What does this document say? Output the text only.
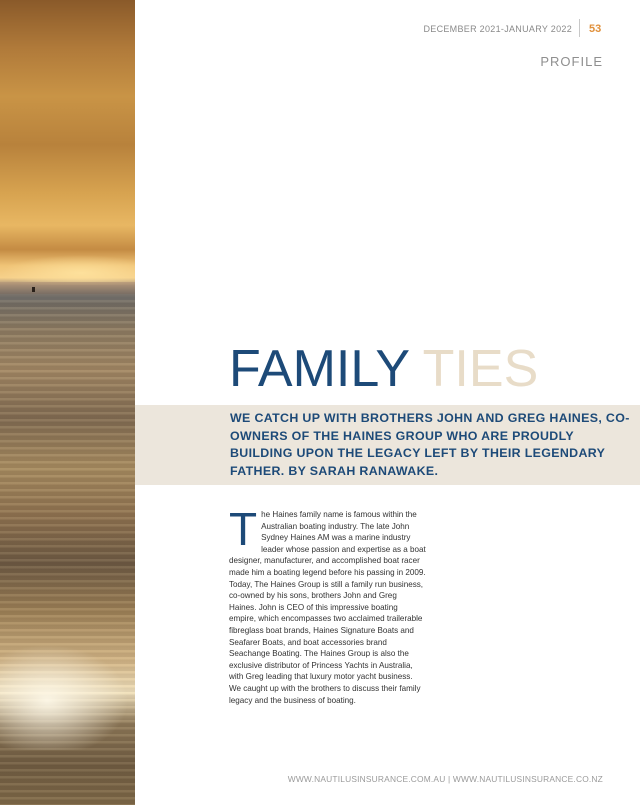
DECEMBER 2021-JANUARY 2022 53
PROFILE
FAMILY TIES

WE CATCH UP WITH BROTHERS JOHN AND GREG HAINES, CO-OWNERS OF THE HAINES GROUP WHO ARE PROUDLY BUILDING UPON THE LEGACY LEFT BY THEIR LEGENDARY FATHER. BY SARAH RANAWAKE.

The Haines family name is famous within the Australian boating industry. The late John Sydney Haines AM was a marine industry leader whose passion and expertise as a boat designer, manufacturer, and accomplished boat racer made him a boating legend before his passing in 2009. Today, The Haines Group is still a family run business, co-owned by his sons, brothers John and Greg Haines. John is CEO of this impressive boating empire, which encompasses two acclaimed trailerable fibreglass boat brands, Haines Signature Boats and Seafarer Boats, and boat accessories brand Seachange Boating. The Haines Group is also the exclusive distributor of Princess Yachts in Australia, with Greg leading that luxury motor yacht business. We caught up with the brothers to discuss their family legacy and the business of boating.

WWW.NAUTILUSINSURANCE.COM.AU | WWW.NAUTILUSINSURANCE.CO.NZ
